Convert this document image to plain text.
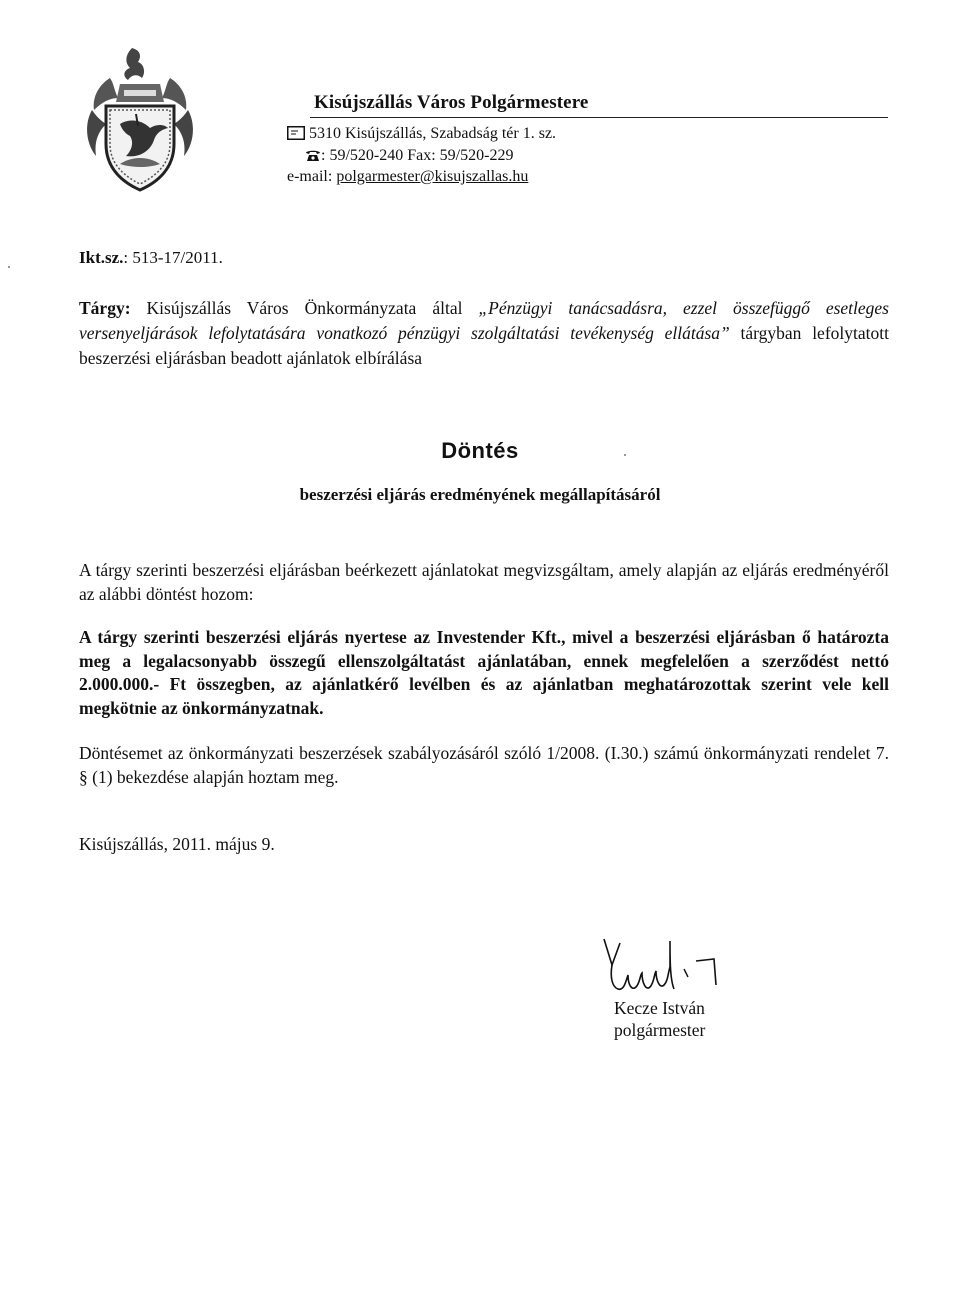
Kisújszállás Város Polgármestere
5310 Kisújszállás, Szabadság tér 1. sz.
: 59/520-240 Fax: 59/520-229
e-mail: polgarmester@kisujszallas.hu
Ikt.sz.: 513-17/2011.
Tárgy: Kisújszállás Város Önkormányzata által „Pénzügyi tanácsadásra, ezzel összefüggő esetleges versenyeljárások lefolytatására vonatkozó pénzügyi szolgáltatási tevékenység ellátása” tárgyban lefolytatott beszerzési eljárásban beadott ajánlatok elbírálása
Döntés
beszerzési eljárás eredményének megállapításáról
A tárgy szerinti beszerzési eljárásban beérkezett ajánlatokat megvizsgáltam, amely alapján az eljárás eredményéről az alábbi döntést hozom:
A tárgy szerinti beszerzési eljárás nyertese az Investender Kft., mivel a beszerzési eljárásban ő határozta meg a legalacsonyabb összegű ellenszolgáltatást ajánlatában, ennek megfelelően a szerződést nettó 2.000.000.- Ft összegben, az ajánlatkérő levélben és az ajánlatban meghatározottak szerint vele kell megkötnie az önkormányzatnak.
Döntésemet az önkormányzati beszerzések szabályozásáról szóló 1/2008. (I.30.) számú önkormányzati rendelet 7. § (1) bekezdése alapján hoztam meg.
Kisújszállás, 2011. május 9.
Kecze István
polgármester
